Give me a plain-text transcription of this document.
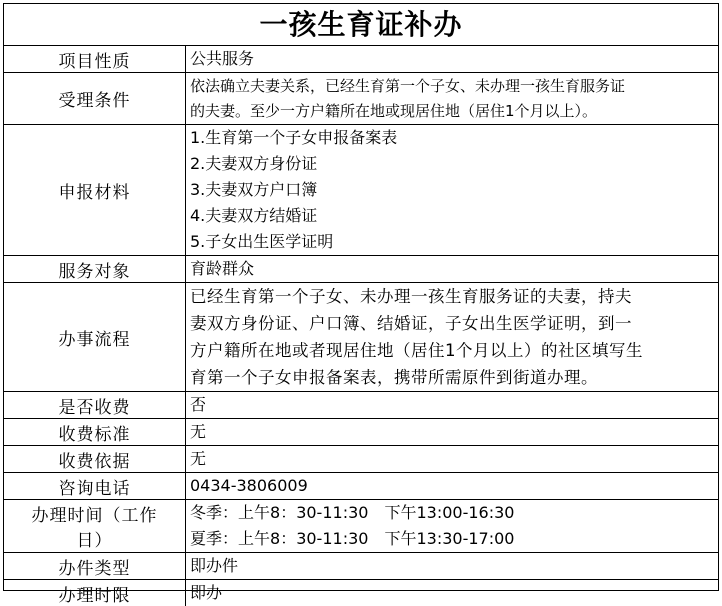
一孩生育证补办
项目性质	公共服务
受理条件	依法确立夫妻关系，已经生育第一个子女、未办理一孩生育服务证
的夫妻。至少一方户籍所在地或现居住地（居住1个月以上）。

申报材料	1.生育第一个子女申报备案表
2.夫妻双方身份证
3.夫妻双方户口簿
4.夫妻双方结婚证
5.子女出生医学证明

服务对象	育龄群众
办事流程	已经生育第一个子女、未办理一孩生育服务证的夫妻，持夫
妻双方身份证、户口簿、结婚证，子女出生医学证明，到一
方户籍所在地或者现居住地（居住1个月以上）的社区填写生
育第一个子女申报备案表，携带所需原件到街道办理。

是否收费	否
收费标准	无
收费依据	无
咨询电话	0434-3806009

办理时间（工作
日）	冬季：上午8：30-11:30 下午13:00-16:30
夏季：上午8：30-11:30 下午13:30-17:00

办件类型	即办件
办理时限	即办
